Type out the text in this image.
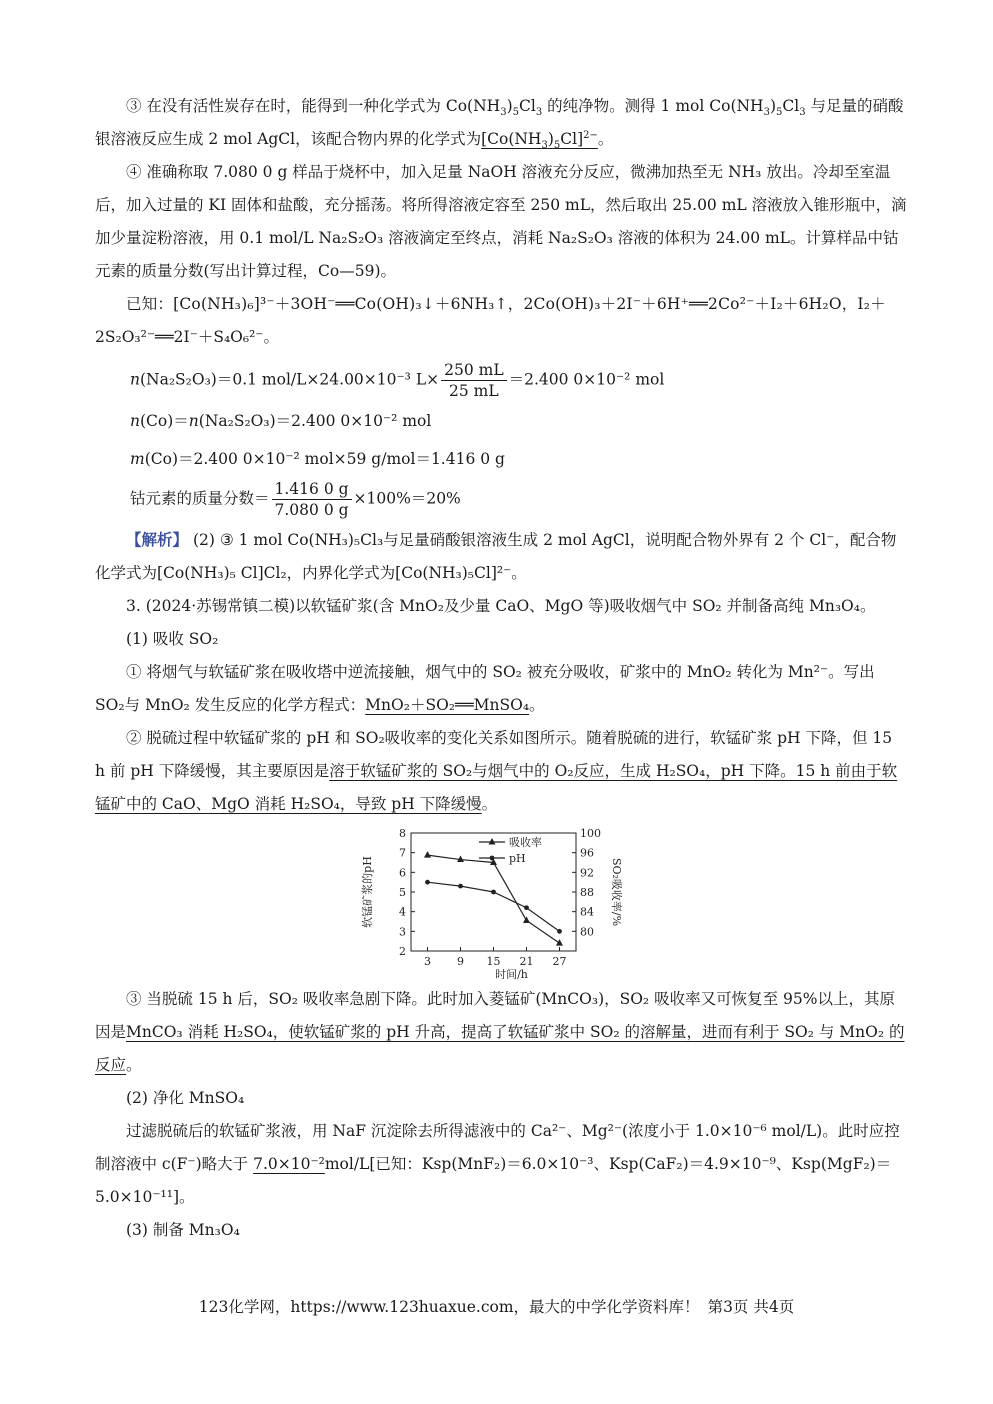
③ 在没有活性炭存在时，能得到一种化学式为 $Co(NH_3)_5Cl_3$ 的纯净物。测得 1 mol $Co(NH_3)_5Cl_3$ 与足量的硝酸银溶液反应生成 2 mol AgCl，该配合物内界的化学式为$[Co(NH_3)_5Cl]^{2-}$。

④ 准确称取 7.080 0 g 样品于烧杯中，加入足量 NaOH 溶液充分反应，微沸加热至无 NH₃ 放出。冷却至室温后，加入过量的 KI 固体和盐酸，充分摇荡。将所得溶液定容至 250 mL，然后取出 25.00 mL 溶液放入锥形瓶中，滴加少量淀粉溶液，用 0.1 mol/L Na₂S₂O₃ 溶液滴定至终点，消耗 Na₂S₂O₃ 溶液的体积为 24.00 mL。计算样品中钴元素的质量分数(写出计算过程，Co—59)。

已知：[Co(NH₃)₆]³⁻＋3OH⁻══Co(OH)₃↓＋6NH₃↑，2Co(OH)₃＋2I⁻＋6H⁺══2Co²⁻＋I₂＋6H₂O，I₂＋

2S₂O₃²⁻══2I⁻＋S₄O₆²⁻。

n(Na₂S₂O₃)＝0.1 mol/L×24.00×10⁻³ $L\times \frac{250 mL}{25 mL} =2.400$ 0×10⁻² mol
n(Co)＝n(Na₂S₂O₃)＝2.400 0×10⁻² mol
m(Co)＝2.400 0×10⁻² mol×59 g/mol＝1.416 0 g
钴元素的质量分数＝ $\frac{1.416 0 g}{7.080 0 g} \times 100\%=20\%$

【解析】 (2) ③ 1 mol Co(NH₃)₅Cl₃与足量硝酸银溶液生成 2 mol AgCl，说明配合物外界有 2 个 Cl⁻，配合物化学式为[Co(NH₃)₅ Cl]Cl₂，内界化学式为[Co(NH₃)₅Cl]²⁻。

3. (2024·苏锡常镇二模)以软锰矿浆(含 MnO₂及少量 CaO、MgO 等)吸收烟气中 SO₂ 并制备高纯 Mn₃O₄。

(1) 吸收 SO₂

① 将烟气与软锰矿浆在吸收塔中逆流接触，烟气中的 SO₂ 被充分吸收，矿浆中的 MnO₂ 转化为 Mn²⁻。写出 SO₂与 MnO₂ 发生反应的化学方程式：MnO₂＋SO₂══MnSO₄。

② 脱硫过程中软锰矿浆的 pH 和 SO₂吸收率的变化关系如图所示。随着脱硫的进行，软锰矿浆 pH 下降，但 15 h 前 pH 下降缓慢，其主要原因是溶于软锰矿浆的 SO₂与烟气中的 O₂反应，生成 H₂SO₄，pH 下降。15 h 前由于软锰矿中的 CaO、MgO 消耗 H₂SO₄，导致 pH 下降缓慢。

2
3
4
5
6
7
8
80
84
88
92
96
100
3 9 15 21 27
时间/h
软锰矿浆的pH	SO₂吸收率/%
吸收率
pH

③ 当脱硫 15 h 后，SO₂ 吸收率急剧下降。此时加入菱锰矿(MnCO₃)，SO₂ 吸收率又可恢复至 95%以上，其原因是MnCO₃ 消耗 H₂SO₄，使软锰矿浆的 pH 升高，提高了软锰矿浆中 SO₂ 的溶解量，进而有利于 SO₂ 与 MnO₂ 的反应。

(2) 净化 MnSO₄

过滤脱硫后的软锰矿浆液，用 NaF 沉淀除去所得滤液中的 Ca²⁻、Mg²⁻(浓度小于 1.0×10⁻⁶ mol/L)。此时应控制溶液中 c(F⁻)略大于 7.0×10⁻²mol/L[已知：Ksp(MnF₂)＝6.0×10⁻³、Ksp(CaF₂)＝4.9×10⁻⁹、Ksp(MgF₂)＝5.0×10⁻¹¹]。

(3) 制备 Mn₃O₄

123化学网，https://www.123huaxue.com，最大的中学化学资料库！ 第3页 共4页
